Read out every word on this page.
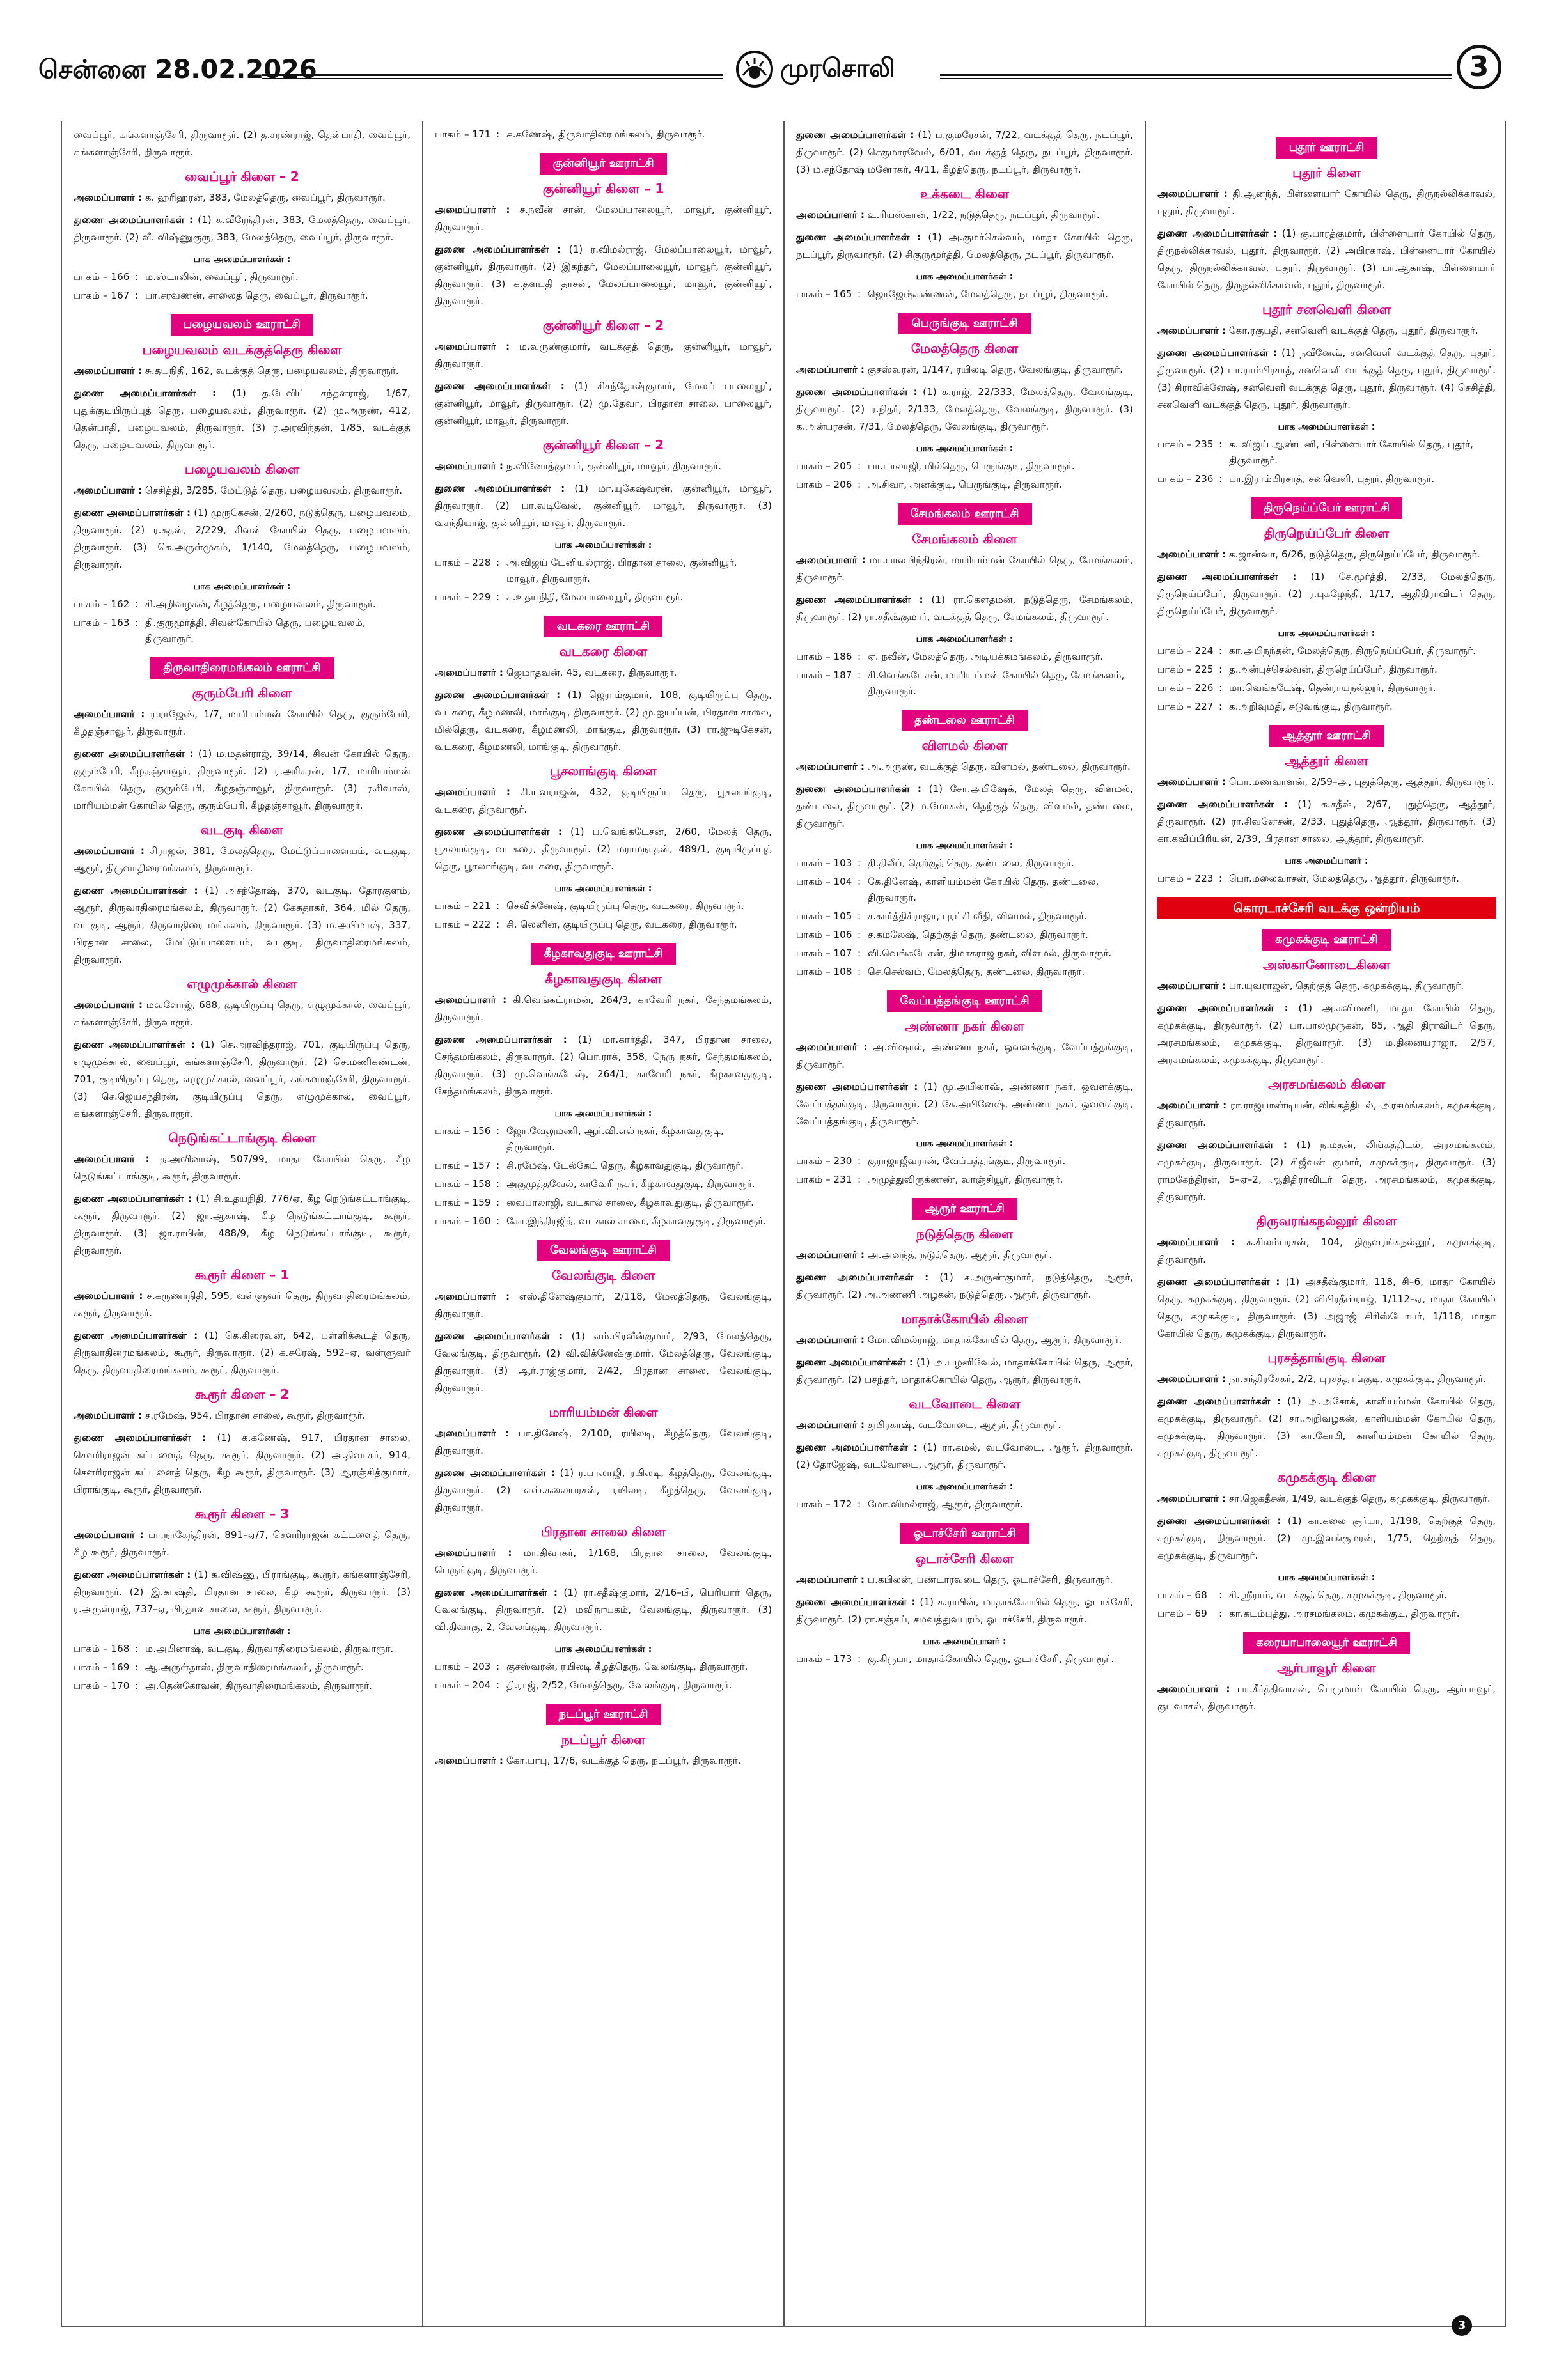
சென்னை 28.02.2026	முரசொலி	3

வைப்பூர், கங்களாஞ்சேரி, திருவாரூர். (2) த.சரண்ராஜ், தென்பாதி, வைப்பூர், கங்களாஞ்சேரி, திருவாரூர்.

வைப்பூர் கிளை – 2

அமைப்பாளர் : க. ஹரிஹரன், 383, மேலத்தெரு, வைப்பூர், திருவாரூர்.

துணை அமைப்பாளர்கள் : (1) க.வீரேந்திரன், 383, மேலத்தெரு, வைப்பூர், திருவாரூர். (2) வீ. விஷ்ணுகுரு, 383, மேலத்தெரு, வைப்பூர், திருவாரூர்.

பாக அமைப்பாளர்கள் :
பாகம் – 166 : ம.ஸ்டாலின், வைப்பூர், திருவாரூர்.
பாகம் – 167 : பா.சரவணன், சாலைத் தெரு, வைப்பூர், திருவாரூர்.
பழையவலம் ஊராட்சி
பழையவலம் வடக்குத்தெரு கிளை

அமைப்பாளர் : சு.தயநிதி, 162, வடக்குத் தெரு, பழையவலம், திருவாரூர்.

துணை அமைப்பாளர்கள் : (1) த.டேவிட் சந்தனராஜ், 1/67, புதுக்குடியிருப்புத் தெரு, பழையவலம், திருவாரூர். (2) மு.அருண், 412, தென்பாதி, பழையவலம், திருவாரூர். (3) ர.அரவிந்தன், 1/85, வடக்குத் தெரு, பழையவலம், திருவாரூர்.

பழையவலம் கிளை

அமைப்பாளர் : செசித்தி, 3/285, மேட்டுத் தெரு, பழையவலம், திருவாரூர்.

துணை அமைப்பாளர்கள் : (1) முருகேசன், 2/260, நடுத்தெரு, பழையவலம், திருவாரூர். (2) ர.கதன், 2/229, சிவன் கோயில் தெரு, பழையவலம், திருவாரூர். (3) கெ.அருள்முகம், 1/140, மேலத்தெரு, பழையவலம், திருவாரூர்.

பாக அமைப்பாளர்கள் :
பாகம் – 162 : சி.அறிவழகன், கீழத்தெரு, பழையவலம், திருவாரூர்.
பாகம் – 163 : தி.குருமூர்த்தி, சிவன்கோயில் தெரு, பழையவலம், திருவாரூர்.
திருவாதிரைமங்கலம் ஊராட்சி
குரும்பேரி கிளை

அமைப்பாளர் : ர.ராஜேஷ், 1/7, மாரியம்மன் கோயில் தெரு, குரும்பேரி, கீழதஞ்சாவூர், திருவாரூர்.

துணை அமைப்பாளர்கள் : (1) ம.மதன்ராஜ், 39/14, சிவன் கோயில் தெரு, குரும்பேரி, கீழதஞ்சாவூர், திருவாரூர். (2) ர.அரிகரன், 1/7, மாரியம்மன் கோயில் தெரு, குரும்பேரி, கீழதஞ்சாவூர், திருவாரூர். (3) ர.சிவாஸ், மாரியம்மன் கோயில் தெரு, குரும்பேரி, கீழதஞ்சாவூர், திருவாரூர்.

வடகுடி கிளை

அமைப்பாளர் : சிராஜல், 381, மேலத்தெரு, மேட்டுப்பாளையம், வடகுடி, ஆரூர், திருவாதிரைமங்கலம், திருவாரூர்.

துணை அமைப்பாளர்கள் : (1) அசந்தோஷ், 370, வடகுடி, தோரகுளம், ஆரூர், திருவாதிரைமங்கலம், திருவாரூர். (2) கேசுதாகர், 364, மில் தெரு, வடகுடி, ஆரூர், திருவாதிரை மங்கலம், திருவாரூர். (3) ம.அபிமாஷ், 337, பிரதான சாலை, மேட்டுப்பாளையம், வடகுடி, திருவாதிரைமங்கலம், திருவாரூர்.

எழுமுக்கால் கிளை

அமைப்பாளர் : மவளோஜ், 688, குடியிருப்பு தெரு, எழுமுக்கால், வைப்பூர், கங்களாஞ்சேரி, திருவாரூர்.

துணை அமைப்பாளர்கள் : (1) செ.அரவிந்தராஜ், 701, குடியிருப்பு தெரு, எழுமுக்கால், வைப்பூர், கங்களாஞ்சேரி, திருவாரூர். (2) செ.மணிகண்டன், 701, குடியிருப்பு தெரு, எழுமுக்கால், வைப்பூர், கங்களாஞ்சேரி, திருவாரூர். (3) செ.ஜெயசந்திரன், குடியிருப்பு தெரு, எழுமுக்கால், வைப்பூர், கங்களாஞ்சேரி, திருவாரூர்.

நெடுங்கட்டாங்குடி கிளை

அமைப்பாளர் : த.அவினாஷ், 507/99, மாதா கோயில் தெரு, கீழ நெடுங்கட்டாங்குடி, கூரூர், திருவாரூர்.

துணை அமைப்பாளர்கள் : (1) சி.உதயநிதி, 776/ஏ, கீழ நெடுங்கட்டாங்குடி, கூரூர், திருவாரூர். (2) ஜா.ஆகாஷ், கீழ நெடுங்கட்டாங்குடி, கூரூர், திருவாரூர். (3) ஜா.ராபின், 488/9, கீழ நெடுங்கட்டாங்குடி, கூரூர், திருவாரூர்.

கூரூர் கிளை – 1

அமைப்பாளர் : ச.கருணாநிதி, 595, வள்ளுவர் தெரு, திருவாதிரைமங்கலம், கூரூர், திருவாரூர்.

துணை அமைப்பாளர்கள் : (1) கெ.கிரைவன், 642, பள்ளிக்கூடத் தெரு, திருவாதிரைமங்கலம், கூரூர், திருவாரூர். (2) க.சுரேஷ், 592–ஏ, வள்ளுவர் தெரு, திருவாதிரைமங்கலம், கூரூர், திருவாரூர்.

கூரூர் கிளை – 2

அமைப்பாளர் : ச.ரமேஷ், 954, பிரதான சாலை, கூரூர், திருவாரூர்.

துணை அமைப்பாளர்கள் : (1) க.கணேஷ், 917, பிரதான சாலை, சௌரிராஜன் கட்டளைத் தெரு, கூரூர், திருவாரூர். (2) அ.திவாகர், 914, சௌரிராஜன் கட்டளைத் தெரு, கீழ கூரூர், திருவாரூர். (3) ஆரஞ்சித்குமார், பிராங்குடி, கூரூர், திருவாரூர்.

கூரூர் கிளை – 3

அமைப்பாளர் : பா.நாகேந்திரன், 891–ஏ/7, சௌரிராஜன் கட்டளைத் தெரு, கீழ கூரூர், திருவாரூர்.

துணை அமைப்பாளர்கள் : (1) சு.விஷ்ணு, பிராங்குடி, கூரூர், கங்களாஞ்சேரி, திருவாரூர். (2) இ.காஷ்தி, பிரதான சாலை, கீழ கூரூர், திருவாரூர். (3) ர.அருள்ராஜ், 737–ஏ, பிரதான சாலை, கூரூர், திருவாரூர்.

பாக அமைப்பாளர்கள் :
பாகம் – 168 : ம.அபினாஷ், வடகுடி, திருவாதிரைமங்கலம், திருவாரூர்.
பாகம் – 169 : ஆ.அருள்தாஸ், திருவாதிரைமங்கலம், திருவாரூர்.
பாகம் – 170 : அ.தென்கோவன், திருவாதிரைமங்கலம், திருவாரூர்.
பாகம் – 171 : க.கணேஷ், திருவாதிரைமங்கலம், திருவாரூர்.
குன்னியூர் ஊராட்சி
குன்னியூர் கிளை – 1

அமைப்பாளர் : ச.நவீன் சான், மேலப்பாலையூர், மாவூர், குன்னியூர், திருவாரூர்.

துணை அமைப்பாளர்கள் : (1) ர.விமல்ராஜ், மேலப்பாலையூர், மாவூர், குன்னியூர், திருவாரூர். (2) இகந்தர், மேலப்பாலையூர், மாவூர், குன்னியூர், திருவாரூர். (3) க.தளபதி தாசன், மேலப்பாலையூர், மாவூர், குன்னியூர், திருவாரூர்.

குன்னியூர் கிளை – 2

அமைப்பாளர் : ம.வருண்குமார், வடக்குத் தெரு, குன்னியூர், மாவூர், திருவாரூர்.

துணை அமைப்பாளர்கள் : (1) சிசந்தோஷ்குமார், மேலப் பாலையூர், குன்னியூர், மாவூர், திருவாரூர். (2) மு.தேவா, பிரதான சாலை, பாலையூர், குன்னியூர், மாவூர், திருவாரூர்.

குன்னியூர் கிளை – 2

அமைப்பாளர் : ந.வினோத்குமார், குன்னியூர், மாவூர், திருவாரூர்.

துணை அமைப்பாளர்கள் : (1) மா.யுகேஷ்வரன், குன்னியூர், மாவூர், திருவாரூர். (2) பா.வடிவேல், குன்னியூர், மாவூர், திருவாரூர். (3) வசந்தியாஜ், குன்னியூர், மாவூர், திருவாரூர்.

பாக அமைப்பாளர்கள் :
பாகம் – 228 : அ.விஜய் டேனியல்ராஜ், பிரதான சாலை, குன்னியூர், மாவூர், திருவாரூர்.
பாகம் – 229 : க.உதயநிதி, மேலபாலையூர், திருவாரூர்.
வடகரை ஊராட்சி
வடகரை கிளை

அமைப்பாளர் : ஜெமாதவன், 45, வடகரை, திருவாரூர்.

துணை அமைப்பாளர்கள் : (1) ஜெராம்குமார், 108, குடியிருப்பு தெரு, வடகரை, கீழமணலி, மாங்குடி, திருவாரூர். (2) மு.ஐயப்பன், பிரதான சாலை, மில்தெரு, வடகரை, கீழமணலி, மாங்குடி, திருவாரூர். (3) ரா.ஜுடிகேசன், வடகரை, கீழமணலி, மாங்குடி, திருவாரூர்.

பூசலாங்குடி கிளை

அமைப்பாளர் : சி.யுவராஜன், 432, குடியிருப்பு தெரு, பூசலாங்குடி, வடகரை, திருவாரூர்.

துணை அமைப்பாளர்கள் : (1) ப.வெங்கடேசன், 2/60, மேலத் தெரு, பூசலாங்குடி, வடகரை, திருவாரூர். (2) மராமநாதன், 489/1, குடியிருப்புத் தெரு, பூசலாங்குடி, வடகரை, திருவாரூர்.

பாக அமைப்பாளர்கள் :
பாகம் – 221 : செவிக்னேஷ், குடியிருப்பு தெரு, வடகரை, திருவாரூர்.
பாகம் – 222 : சி. லெனின், குடியிருப்பு தெரு, வடகரை, திருவாரூர்.
கீழகாவதுகுடி ஊராட்சி
கீழகாவதுகுடி கிளை

அமைப்பாளர் : கி.வெங்கட்ராமன், 264/3, காவேரி நகர், சேந்தமங்கலம், திருவாரூர்.

துணை அமைப்பாளர்கள் : (1) மா.கார்த்தி, 347, பிரதான சாலை, சேந்தமங்கலம், திருவாரூர். (2) பொ.ராக், 358, நேரு நகர், சேந்தமங்கலம், திருவாரூர். (3) மு.வெங்கடேஷ், 264/1, காவேரி நகர், கீழகாவதுகுடி, சேந்தமங்கலம், திருவாரூர்.

பாக அமைப்பாளர்கள் :
பாகம் – 156 : ஜோ.வேலுமணி, ஆர்.வி.எல் நகர், கீழகாவதுகுடி, திருவாரூர்.
பாகம் – 157 : சி.ரமேஷ், டேல்கேட் தெரு, கீழகாவதுகுடி, திருவாரூர்.
பாகம் – 158 : அகுமுத்தவேல், காவேரி நகர், கீழகாவதுகுடி, திருவாரூர்.
பாகம் – 159 : வைபாலாஜி, வடகால் சாலை, கீழகாவதுகுடி, திருவாரூர்.
பாகம் – 160 : கோ.இந்திரஜித், வடகால் சாலை, கீழகாவதுகுடி, திருவாரூர்.
வேலங்குடி ஊராட்சி
வேலங்குடி கிளை

அமைப்பாளர் : எஸ்.தினேஷ்குமார், 2/118, மேலத்தெரு, வேலங்குடி, திருவாரூர்.

துணை அமைப்பாளர்கள் : (1) எம்.பிரவீன்குமார், 2/93, மேலத்தெரு, வேலங்குடி, திருவாரூர். (2) வி.விக்னேஷ்குமார், மேலத்தெரு, வேலங்குடி, திருவாரூர். (3) ஆர்.ராஜ்குமார், 2/42, பிரதான சாலை, வேலங்குடி, திருவாரூர்.

மாரியம்மன் கிளை

அமைப்பாளர் : பா.தினேஷ், 2/100, ரயிலடி, கீழத்தெரு, வேலங்குடி, திருவாரூர்.

துணை அமைப்பாளர்கள் : (1) ர.பாலாஜி, ரயிலடி, கீழத்தெரு, வேலங்குடி, திருவாரூர். (2) எஸ்.கலையரசன், ரயிலடி, கீழத்தெரு, வேலங்குடி, திருவாரூர்.

பிரதான சாலை கிளை

அமைப்பாளர் : மா.திவாகர், 1/168, பிரதான சாலை, வேலங்குடி, பெருங்குடி, திருவாரூர்.

துணை அமைப்பாளர்கள் : (1) ரா.சதீஷ்குமார், 2/16–பி, பெரியார் தெரு, வேலங்குடி, திருவாரூர். (2) மவிநாயகம், வேலங்குடி, திருவாரூர். (3) வி.திவாகு, 2, வேலங்குடி, திருவாரூர்.

பாக அமைப்பாளர்கள் :
பாகம் – 203 : குசஸ்வரன், ரயிலடி கீழத்தெரு, வேலங்குடி, திருவாரூர்.
பாகம் – 204 : தி.ராஜ், 2/52, மேலத்தெரு, வேலங்குடி, திருவாரூர்.
நடப்பூர் ஊராட்சி
நடப்பூர் கிளை

அமைப்பாளர் : கோ.பாபு, 17/6, வடக்குத் தெரு, நடப்பூர், திருவாரூர்.

துணை அமைப்பாளர்கள் : (1) ப.குமரேசன், 7/22, வடக்குத் தெரு, நடப்பூர், திருவாரூர். (2) செகுமாரவேல், 6/01, வடக்குத் தெரு, நடப்பூர், திருவாரூர். (3) ம.சந்தோஷ் மனோகர், 4/11, கீழத்தெரு, நடப்பூர், திருவாரூர்.

உக்கடை கிளை

அமைப்பாளர் : உ.ரியஸ்கான், 1/22, நடுத்தெரு, நடப்பூர், திருவாரூர்.

துணை அமைப்பாளர்கள் : (1) அ.குமர்செல்வம், மாதா கோயில் தெரு, நடப்பூர், திருவாரூர். (2) சிகுருமூர்த்தி, மேலத்தெரு, நடப்பூர், திருவாரூர்.

பாக அமைப்பாளர்கள் :
பாகம் – 165 : ஜொஜேஷ்கண்ணன், மேலத்தெரு, நடப்பூர், திருவாரூர்.
பெருங்குடி ஊராட்சி
மேலத்தெரு கிளை

அமைப்பாளர் : குசஸ்வரன், 1/147, ரயிலடி தெரு, வேலங்குடி, திருவாரூர்.

துணை அமைப்பாளர்கள் : (1) க.ராஜ், 22/333, மேலத்தெரு, வேலங்குடி, திருவாரூர். (2) ர.நிதர், 2/133, மேலத்தெரு, வேலங்குடி, திருவாரூர். (3) க.அன்பரசன், 7/31, மேலத்தெரு, வேலங்குடி, திருவாரூர்.

பாக அமைப்பாளர்கள் :
பாகம் – 205 : பா.பாலாஜி, மில்தெரு, பெருங்குடி, திருவாரூர்.
பாகம் – 206 : அ.சிவா, அனக்குடி, பெருங்குடி, திருவாரூர்.
சேமங்கலம் ஊராட்சி
சேமங்கலம் கிளை

அமைப்பாளர் : மா.பாலயிந்திரன், மாரியம்மன் கோயில் தெரு, சேமங்கலம், திருவாரூர்.

துணை அமைப்பாளர்கள் : (1) ரா.கௌதமன், நடுத்தெரு, சேமங்கலம், திருவாரூர். (2) ரா.சதீஷ்குமார், வடக்குத் தெரு, சேமங்கலம், திருவாரூர்.

பாக அமைப்பாளர்கள் :
பாகம் – 186 : ஏ. நவீன், மேலத்தெரு, அடியக்கமங்கலம், திருவாரூர்.
பாகம் – 187 : கி.வெங்கடேசன், மாரியம்மன் கோயில் தெரு, சேமங்கலம், திருவாரூர்.
தண்டலை ஊராட்சி
விளமல் கிளை

அமைப்பாளர் : அ.அருண், வடக்குத் தெரு, விளமல், தண்டலை, திருவாரூர்.

துணை அமைப்பாளர்கள் : (1) சோ.அபிஷேக், மேலத் தெரு, விளமல், தண்டலை, திருவாரூர். (2) ம.மோகன், தெற்குத் தெரு, விளமல், தண்டலை, திருவாரூர்.

பாக அமைப்பாளர்கள் :
பாகம் – 103 : தி.திலீப், தெற்குத் தெரு, தண்டலை, திருவாரூர்.
பாகம் – 104 : கே.தினேஷ், காளியம்மன் கோயில் தெரு, தண்டலை, திருவாரூர்.
பாகம் – 105 : ச.கார்த்திக்ராஜா, புரட்சி வீதி, விளமல், திருவாரூர்.
பாகம் – 106 : ச.கமலேஷ், தெற்குத் தெரு, தண்டலை, திருவாரூர்.
பாகம் – 107 : வி.வெங்கடேசன், திமாகராஜ நகர், விளமல், திருவாரூர்.
பாகம் – 108 : செ.செல்வம், மேலத்தெரு, தண்டலை, திருவாரூர்.
வேப்பத்தங்குடி ஊராட்சி
அண்ணா நகர் கிளை

அமைப்பாளர் : அ.விஷால், அண்ணா நகர், ஒவளக்குடி, வேப்பத்தங்குடி, திருவாரூர்.

துணை அமைப்பாளர்கள் : (1) மு.அபிலாஷ், அண்ணா நகர், ஒவளக்குடி, வேப்பத்தங்குடி, திருவாரூர். (2) கே.அபினேஷ், அண்ணா நகர், ஒவளக்குடி, வேப்பத்தங்குடி, திருவாரூர்.

பாக அமைப்பாளர்கள் :
பாகம் – 230 : குராஜாஜீவரான், வேப்பத்தங்குடி, திருவாரூர்.
பாகம் – 231 : அமுத்துவிருக்ணண், வாஞ்சியூர், திருவாரூர்.
ஆரூர் ஊராட்சி
நடுத்தெரு கிளை

அமைப்பாளர் : அ.அனந்த், நடுத்தெரு, ஆரூர், திருவாரூர்.

துணை அமைப்பாளர்கள் : (1) ச.அருண்குமார், நடுத்தெரு, ஆரூர், திருவாரூர். (2) அ.அணணி அழகன், நடுத்தெரு, ஆரூர், திருவாரூர்.

மாதாக்கோயில் கிளை

அமைப்பாளர் : மோ.விமல்ராஜ், மாதாக்கோயில் தெரு, ஆரூர், திருவாரூர்.

துணை அமைப்பாளர்கள் : (1) அ.பழனிவேல், மாதாக்கோயில் தெரு, ஆரூர், திருவாரூர். (2) பசந்தர், மாதாக்கோயில் தெரு, ஆரூர், திருவாரூர்.

வடவோடை கிளை

அமைப்பாளர் : துபிரகாஷ், வடவோடை, ஆரூர், திருவாரூர்.

துணை அமைப்பாளர்கள் : (1) ரா.கமல், வடவோடை, ஆரூர், திருவாரூர். (2) தோஜேஷ், வடவோடை, ஆரூர், திருவாரூர்.

பாக அமைப்பாளர்கள் :
பாகம் – 172 : மோ.விமல்ராஜ், ஆரூர், திருவாரூர்.
ஓடாச்சேரி ஊராட்சி
ஓடாச்சேரி கிளை

அமைப்பாளர் : ப.கபிலன், பண்டாரவடை தெரு, ஓடாச்சேரி, திருவாரூர்.

துணை அமைப்பாளர்கள் : (1) க.ராபின், மாதாக்கோயில் தெரு, ஓடாச்சேரி, திருவாரூர். (2) ரா.சஞ்சய், சமவத்துவபுரம், ஓடாச்சேரி, திருவாரூர்.

பாக அமைப்பாளர் :
பாகம் – 173 : கு.கிருபா, மாதாக்கோயில் தெரு, ஓடாச்சேரி, திருவாரூர்.
புதூர் ஊராட்சி
புதூர் கிளை

அமைப்பாளர் : தி.ஆனந்த், பிள்ளையார் கோயில் தெரு, திருநல்லிக்காவல், புதூர், திருவாரூர்.

துணை அமைப்பாளர்கள் : (1) கு.பாரத்குமார், பிள்ளையார் கோயில் தெரு, திருநல்லிக்காவல், புதூர், திருவாரூர். (2) அபிரகாஷ், பிள்ளையார் கோயில் தெரு, திருநல்லிக்காவல், புதூர், திருவாரூர். (3) பா.ஆகாஷ், பிள்ளையார் கோயில் தெரு, திருநல்லிக்காவல், புதூர், திருவாரூர்.

புதூர் சனவெளி கிளை

அமைப்பாளர் : கோ.ரகுபதி, சனவெளி வடக்குத் தெரு, புதூர், திருவாரூர்.

துணை அமைப்பாளர்கள் : (1) நவீனேஷ், சனவெளி வடக்குத் தெரு, புதூர், திருவாரூர். (2) பா.ராம்பிரசாத், சனவெளி வடக்குத் தெரு, புதூர், திருவாரூர். (3) சிராவிக்னேஷ், சனவெளி வடக்குத் தெரு, புதூர், திருவாரூர். (4) செசித்தி, சனவெளி வடக்குத் தெரு, புதூர், திருவாரூர்.

பாக அமைப்பாளர்கள் :
பாகம் – 235 : க. விஜய் ஆண்டனி, பிள்ளையார் கோயில் தெரு, புதூர், திருவாரூர்.
பாகம் – 236 : பா.இராம்பிரசாத், சனவெளி, புதூர், திருவாரூர்.
திருநெய்ப்பேர் ஊராட்சி
திருநெய்ப்பேர் கிளை

அமைப்பாளர் : க.ஜான்வா, 6/26, நடுத்தெரு, திருநெய்ப்பேர், திருவாரூர்.

துணை அமைப்பாளர்கள் : (1) சே.மூர்த்தி, 2/33, மேலத்தெரு, திருநெய்ப்பேர், திருவாரூர். (2) ர.புகழேந்தி, 1/17, ஆதிதிராவிடர் தெரு, திருநெய்ப்பேர், திருவாரூர்.

பாக அமைப்பாளர்கள் :
பாகம் – 224 : கா.அபிநந்தன், மேலத்தெரு, திருநெய்ப்பேர், திருவாரூர்.
பாகம் – 225 : த.அன்புச்செல்வன், திருநெய்ப்பேர், திருவாரூர்.
பாகம் – 226 : மா.வெங்கடேஷ், தென்ராயநல்லூர், திருவாரூர்.
பாகம் – 227 : க.அறிவுமதி, சுடுவங்குடி, திருவாரூர்.
ஆத்தூர் ஊராட்சி
ஆத்தூர் கிளை

அமைப்பாளர் : பொ.மணவாளன், 2/59–அ, புதுத்தெரு, ஆத்தூர், திருவாரூர்.

துணை அமைப்பாளர்கள் : (1) க.சதீஷ், 2/67, புதுத்தெரு, ஆத்தூர், திருவாரூர். (2) ரா.சிவனேசன், 2/33, புதுத்தெரு, ஆத்தூர், திருவாரூர். (3) கா.கவிப்பிரியன், 2/39, பிரதான சாலை, ஆத்தூர், திருவாரூர்.

பாக அமைப்பாளர் :
பாகம் – 223 : பொ.மலைவாசன், மேலத்தெரு, ஆத்தூர், திருவாரூர்.
கொரடாச்சேரி வடக்கு ஒன்றியம்
கமுகக்குடி ஊராட்சி
அஸ்கானோடைகிளை

அமைப்பாளர் : பா.யுவராஜன், தெற்குத் தெரு, கமுகக்குடி, திருவாரூர்.

துணை அமைப்பாளர்கள் : (1) அ.கவிமணி, மாதா கோயில் தெரு, கமுகக்குடி, திருவாரூர். (2) பா.பாலமுருகன், 85, ஆதி திராவிடர் தெரு, அரசமங்கலம், கமுகக்குடி, திருவாரூர். (3) ம.தினையராஜா, 2/57, அரசமங்கலம், கமுகக்குடி, திருவாரூர்.

அரசமங்கலம் கிளை

அமைப்பாளர் : ரா.ராஜபாண்டியன், லிங்கத்திடல், அரசமங்கலம், கமுகக்குடி, திருவாரூர்.

துணை அமைப்பாளர்கள் : (1) ந.மதன், லிங்கத்திடல், அரசமங்கலம், கமுகக்குடி, திருவாரூர். (2) சிஜீவன் குமார், கமுகக்குடி, திருவாரூர். (3) ராமகேந்திரன், 5–ஏ–2, ஆதிதிராவிடர் தெரு, அரசமங்கலம், கமுகக்குடி, திருவாரூர்.

திருவரங்கநல்லூர் கிளை

அமைப்பாளர் : க.சிலம்பரசன், 104, திருவரங்கநல்லூர், கமுகக்குடி, திருவாரூர்.

துணை அமைப்பாளர்கள் : (1) அசதீஷ்குமார், 118, சி–6, மாதா கோயில் தெரு, கமுகக்குடி, திருவாரூர். (2) விபிரதீஸ்ராஜ், 1/112–ஏ, மாதா கோயில் தெரு, கமுகக்குடி, திருவாரூர். (3) அஜாஜ் கிரிஸ்டோபர், 1/118, மாதா கோயில் தெரு, கமுகக்குடி, திருவாரூர்.

புரசத்தாங்குடி கிளை

அமைப்பாளர் : நா.சந்திரசேகர், 2/2, புரசத்தாங்குடி, கமுகக்குடி, திருவாரூர்.

துணை அமைப்பாளர்கள் : (1) அ.அசோக், காளியம்மன் கோயில் தெரு, கமுகக்குடி, திருவாரூர். (2) சா.அறிவழகன், காளியம்மன் கோயில் தெரு, கமுகக்குடி, திருவாரூர். (3) கா.கோபி, காளியம்மன் கோயில் தெரு, கமுகக்குடி, திருவாரூர்.

கமுகக்குடி கிளை

அமைப்பாளர் : சா.ஜெகதீசன், 1/49, வடக்குத் தெரு, கமுகக்குடி, திருவாரூர்.

துணை அமைப்பாளர்கள் : (1) கா.கலை சூர்யா, 1/198, தெற்குத் தெரு, கமுகக்குடி, திருவாரூர். (2) மு.இளங்குமரன், 1/75, தெற்குத் தெரு, கமுகக்குடி, திருவாரூர்.

பாக அமைப்பாளர்கள் :
பாகம் – 68	: சி.ஸ்ரீராம், வடக்குத் தெரு, கமுகக்குடி, திருவாரூர்.
பாகம் – 69	: கா.கடம்புத்து, அரசமங்கலம், கமுகக்குடி, திருவாரூர்.
கரையாபாலையூர் ஊராட்சி
ஆர்பாவூர் கிளை

அமைப்பாளர் : பா.கீர்த்திவாசன், பெருமாள் கோயில் தெரு, ஆர்பாவூர், குடவாசல், திருவாரூர்.

3
